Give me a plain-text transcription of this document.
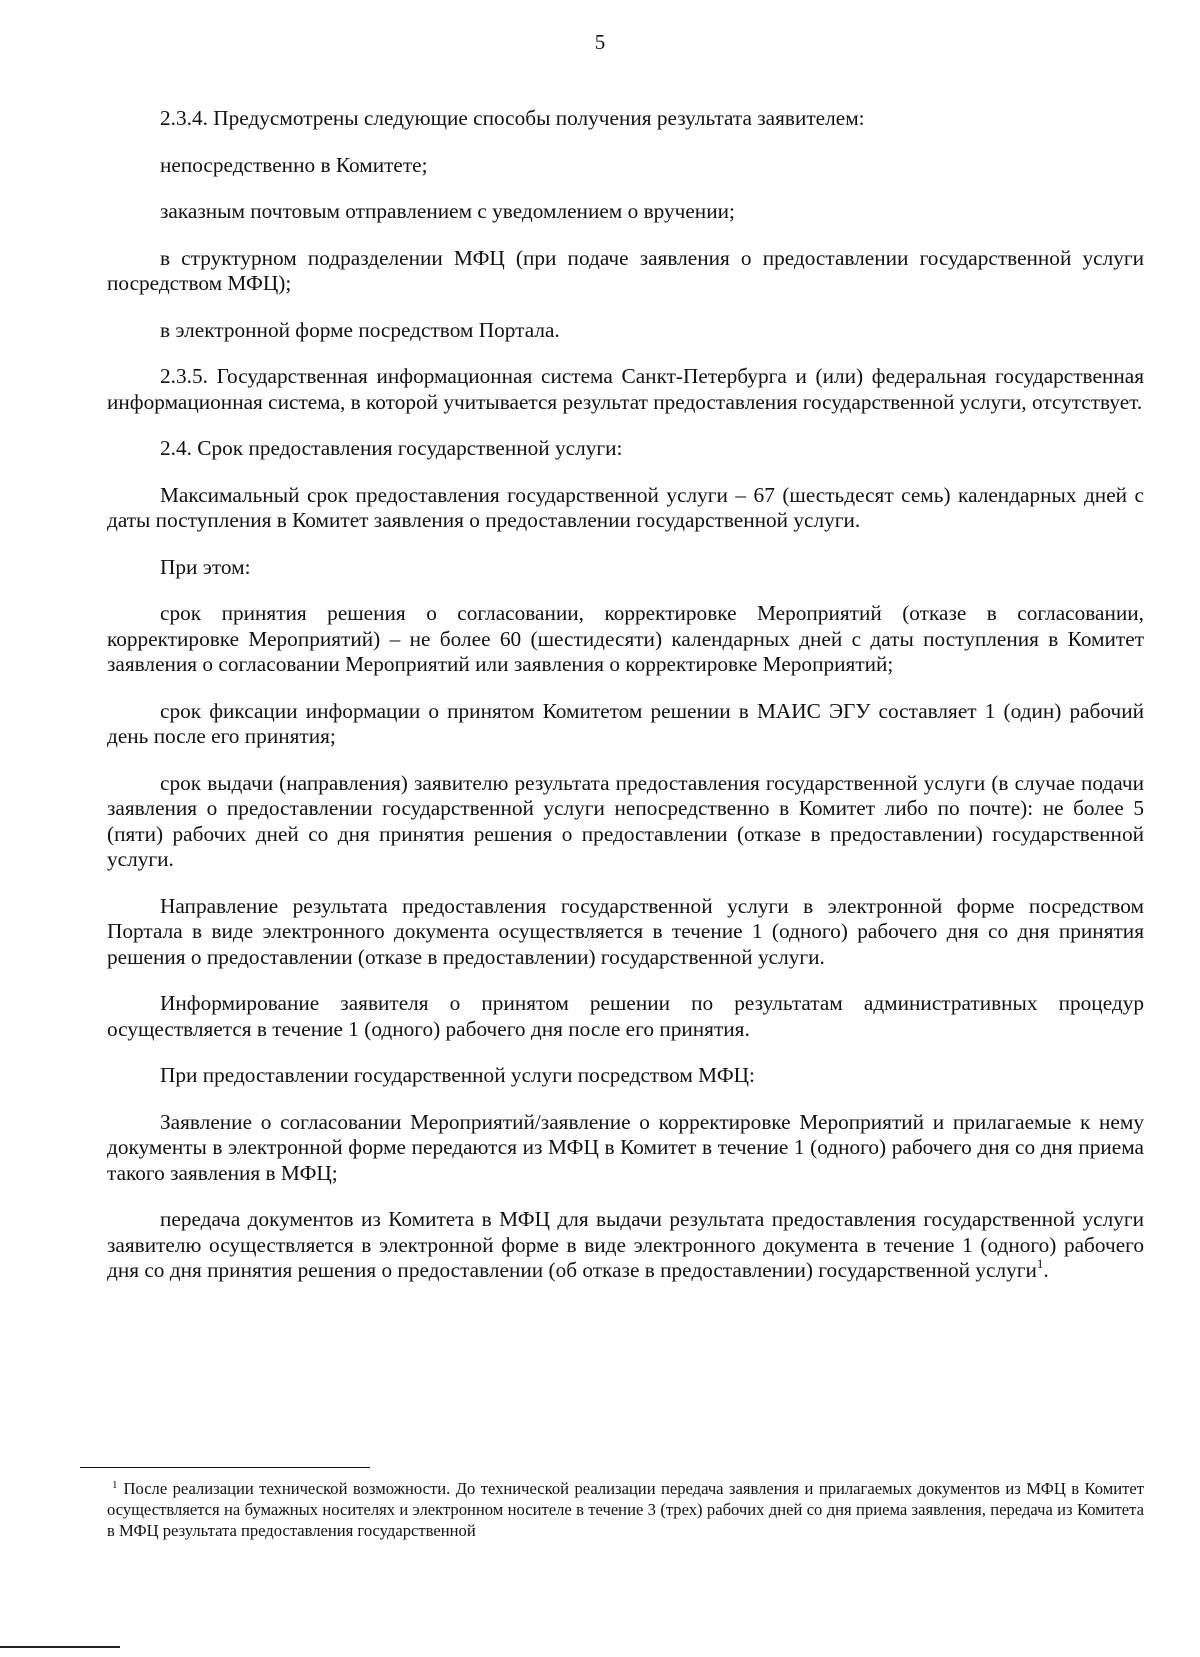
5

2.3.4. Предусмотрены следующие способы получения результата заявителем:

непосредственно в Комитете;

заказным почтовым отправлением с уведомлением о вручении;

в структурном подразделении МФЦ (при подаче заявления о предоставлении государственной услуги посредством МФЦ);

в электронной форме посредством Портала.

2.3.5. Государственная информационная система Санкт-Петербурга и (или) федеральная государственная информационная система, в которой учитывается результат предоставления государственной услуги, отсутствует.

2.4. Срок предоставления государственной услуги:

Максимальный срок предоставления государственной услуги – 67 (шестьдесят семь) календарных дней с даты поступления в Комитет заявления о предоставлении государственной услуги.

При этом:

срок принятия решения о согласовании, корректировке Мероприятий (отказе в согласовании, корректировке Мероприятий) – не более 60 (шестидесяти) календарных дней с даты поступления в Комитет заявления о согласовании Мероприятий или заявления о корректировке Мероприятий;

срок фиксации информации о принятом Комитетом решении в МАИС ЭГУ составляет 1 (один) рабочий день после его принятия;

срок выдачи (направления) заявителю результата предоставления государственной услуги (в случае подачи заявления о предоставлении государственной услуги непосредственно в Комитет либо по почте): не более 5 (пяти) рабочих дней со дня принятия решения о предоставлении (отказе в предоставлении) государственной услуги.

Направление результата предоставления государственной услуги в электронной форме посредством Портала в виде электронного документа осуществляется в течение 1 (одного) рабочего дня со дня принятия решения о предоставлении (отказе в предоставлении) государственной услуги.

Информирование заявителя о принятом решении по результатам административных процедур осуществляется в течение 1 (одного) рабочего дня после его принятия.

При предоставлении государственной услуги посредством МФЦ:

Заявление о согласовании Мероприятий/заявление о корректировке Мероприятий и прилагаемые к нему документы в электронной форме передаются из МФЦ в Комитет в течение 1 (одного) рабочего дня со дня приема такого заявления в МФЦ;

передача документов из Комитета в МФЦ для выдачи результата предоставления государственной услуги заявителю осуществляется в электронной форме в виде электронного документа в течение 1 (одного) рабочего дня со дня принятия решения о предоставлении (об отказе в предоставлении) государственной услуги$^1$.

$^1$ После реализации технической возможности. До технической реализации передача заявления и прилагаемых документов из МФЦ в Комитет осуществляется на бумажных носителях и электронном носителе в течение 3 (трех) рабочих дней со дня приема заявления, передача из Комитета в МФЦ результата предоставления государственной
